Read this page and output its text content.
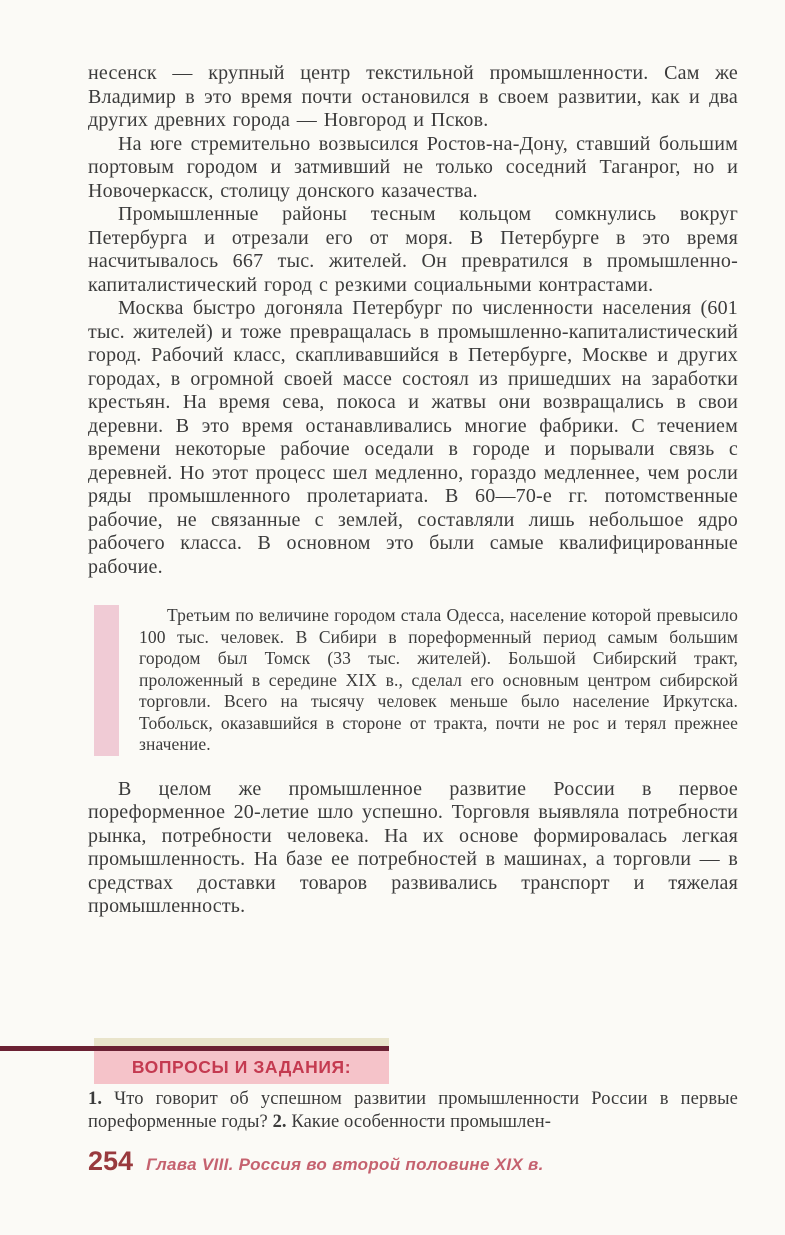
несенск — крупный центр текстильной промышленности. Сам же Владимир в это время почти остановился в своем развитии, как и два других древних города — Новгород и Псков.

На юге стремительно возвысился Ростов-на-Дону, ставший большим портовым городом и затмивший не только соседний Таганрог, но и Новочеркасск, столицу донского казачества.

Промышленные районы тесным кольцом сомкнулись вокруг Петербурга и отрезали его от моря. В Петербурге в это время насчитывалось 667 тыс. жителей. Он превратился в промышленно-капиталистический город с резкими социальными контрастами.

Москва быстро догоняла Петербург по численности населения (601 тыс. жителей) и тоже превращалась в промышленно-капиталистический город. Рабочий класс, скапливавшийся в Петербурге, Москве и других городах, в огромной своей массе состоял из пришедших на заработки крестьян. На время сева, покоса и жатвы они возвращались в свои деревни. В это время останавливались многие фабрики. С течением времени некоторые рабочие оседали в городе и порывали связь с деревней. Но этот процесс шел медленно, гораздо медленнее, чем росли ряды промышленного пролетариата. В 60—70-е гг. потомственные рабочие, не связанные с землей, составляли лишь небольшое ядро рабочего класса. В основном это были самые квалифицированные рабочие.

Третьим по величине городом стала Одесса, население которой превысило 100 тыс. человек. В Сибири в пореформенный период самым большим городом был Томск (33 тыс. жителей). Большой Сибирский тракт, проложенный в середине XIX в., сделал его основным центром сибирской торговли. Всего на тысячу человек меньше было население Иркутска. Тобольск, оказавшийся в стороне от тракта, почти не рос и терял прежнее значение.

В целом же промышленное развитие России в первое пореформенное 20-летие шло успешно. Торговля выявляла потребности рынка, потребности человека. На их основе формировалась легкая промышленность. На базе ее потребностей в машинах, а торговли — в средствах доставки товаров развивались транспорт и тяжелая промышленность.

ВОПРОСЫ И ЗАДАНИЯ:

1. Что говорит об успешном развитии промышленности России в первые пореформенные годы? 2. Какие особенности промышлен-

254 Глава VIII. Россия во второй половине XIX в.
